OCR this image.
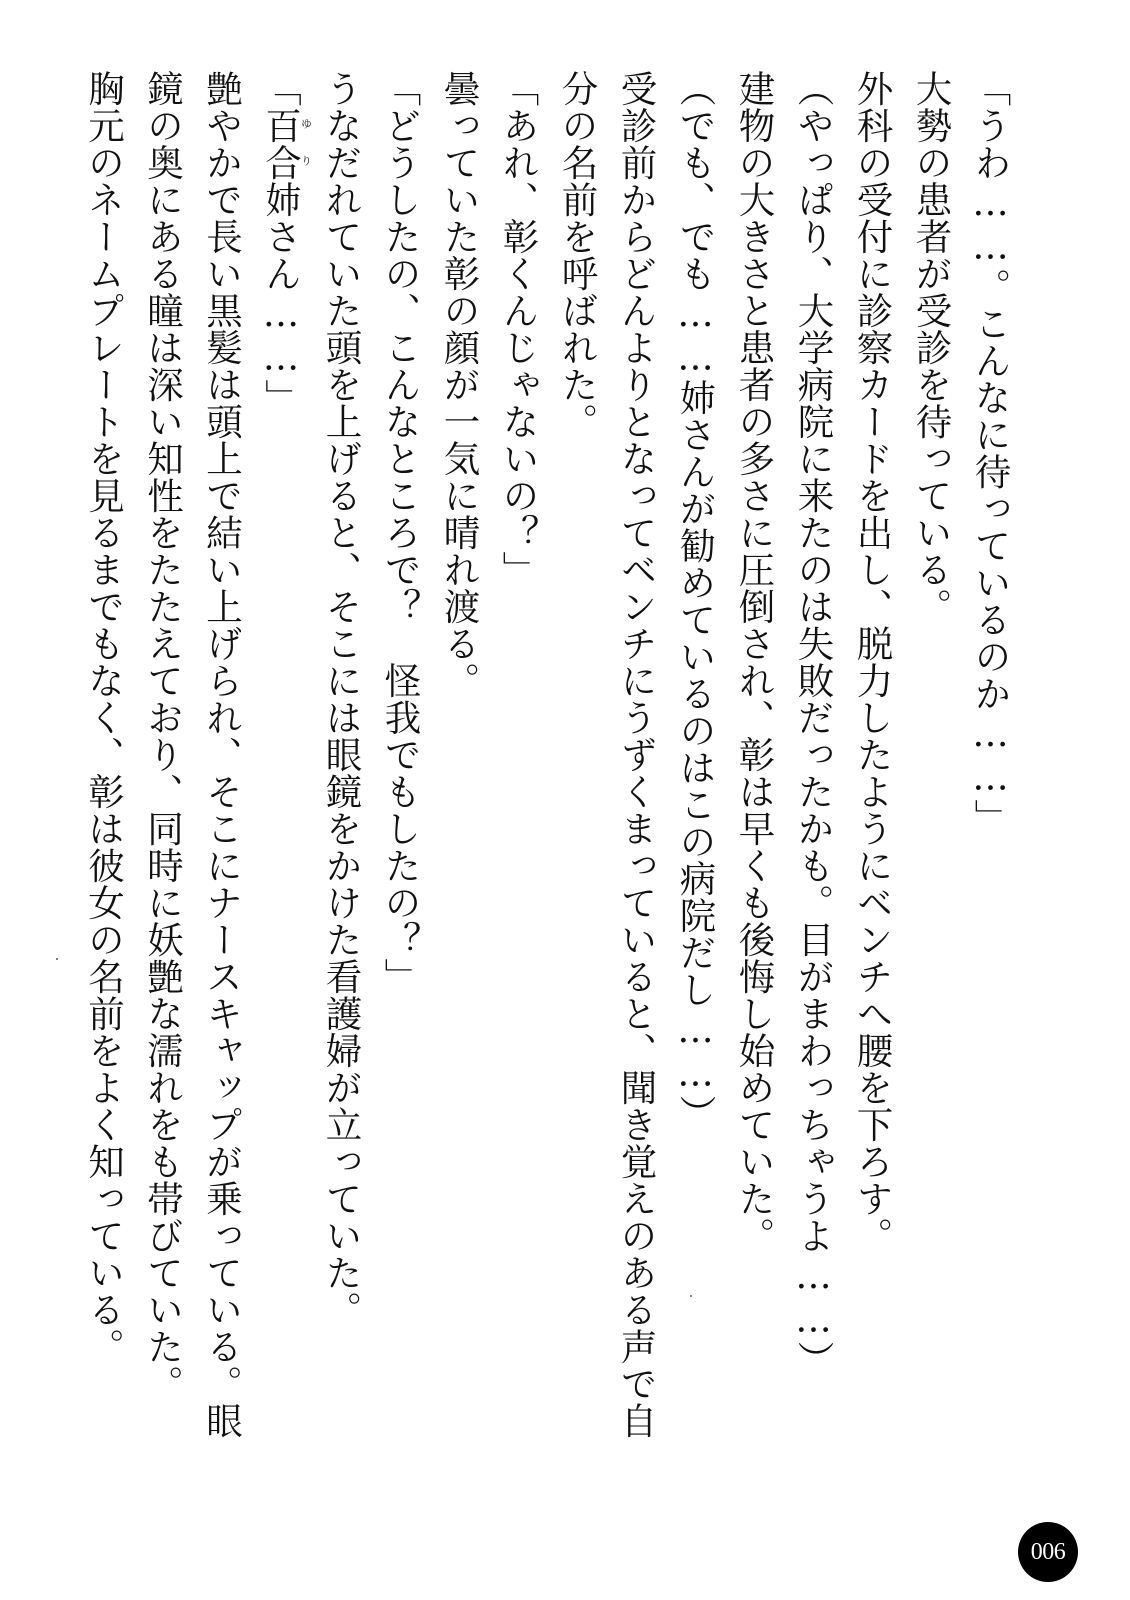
「うわ……。こんなに待っているのか……」
大勢の患者が受診を待っている。
外科の受付に診察カードを出し、脱力したようにベンチへ腰を下ろす。
（やっぱり、大学病院に来たのは失敗だったかも。目がまわっちゃうよ……）
建物の大きさと患者の多さに圧倒され、彰は早くも後悔し始めていた。
（でも、でも……姉さんが勧めているのはこの病院だし……）
受診前からどんよりとなってベンチにうずくまっていると、聞き覚えのある声で自
分の名前を呼ばれた。
「あれ、彰くんじゃないの？」
曇っていた彰の顔が一気に晴れ渡る。
「どうしたの、こんなところで？　怪我でもしたの？」
うなだれていた頭を上げると、そこには眼鏡をかけた看護婦が立っていた。
「百合ゆり姉さん……」
艶やかで長い黒髪は頭上で結い上げられ、そこにナースキャップが乗っている。眼
鏡の奥にある瞳は深い知性をたたえており、同時に妖艶な濡れをも帯びていた。
胸元のネームプレートを見るまでもなく、彰は彼女の名前をよく知っている。
006
